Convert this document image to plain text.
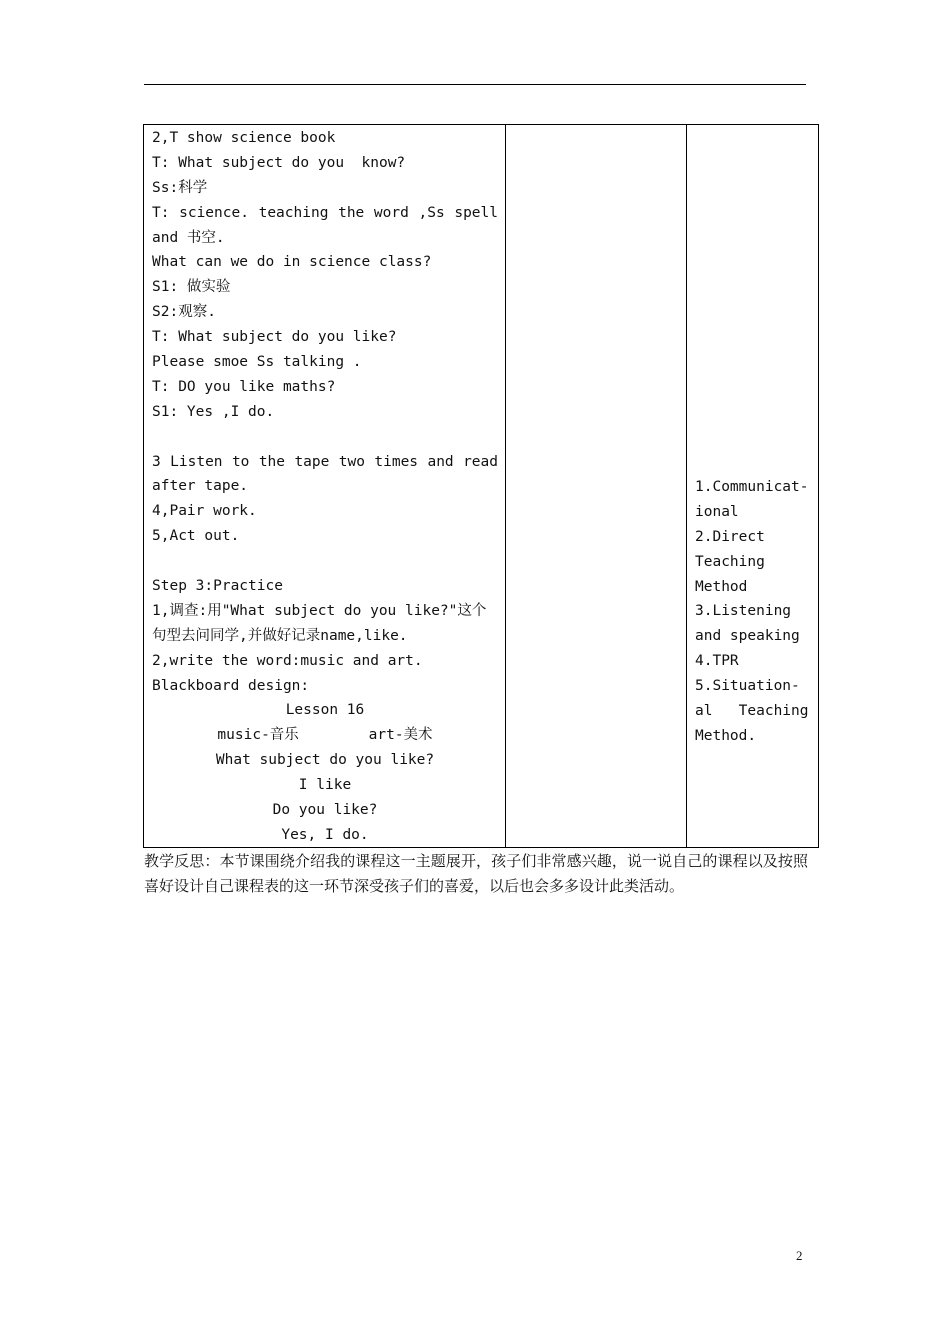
2,T show science book
T: What subject do you  know?
Ss:科学
T: science. teaching the word ,Ss spell
and 书空.
What can we do in science class?
S1: 做实验
S2:观察.
T: What subject do you like?
Please smoe Ss talking .
T: DO you like maths?
S1: Yes ,I do.
3 Listen to the tape two times and read
after tape.
4,Pair work.
5,Act out.
Step 3:Practice
1,调查:用"What subject do you like?"这个
句型去问同学,并做好记录name,like.
2,write the word:music and art.
Blackboard design:
Lesson 16
music-音乐        art-美术
What subject do you like?
I like
Do you like?
Yes, I do.
1.Communicat-
ional
2.Direct
Teaching
Method
3.Listening
and speaking
4.TPR
5.Situation-
al   Teaching
Method.
教学反思：本节课围绕介绍我的课程这一主题展开，孩子们非常感兴趣，说一说自己的课程以及按照喜好设计自己课程表的这一环节深受孩子们的喜爱，以后也会多多设计此类活动。
2
